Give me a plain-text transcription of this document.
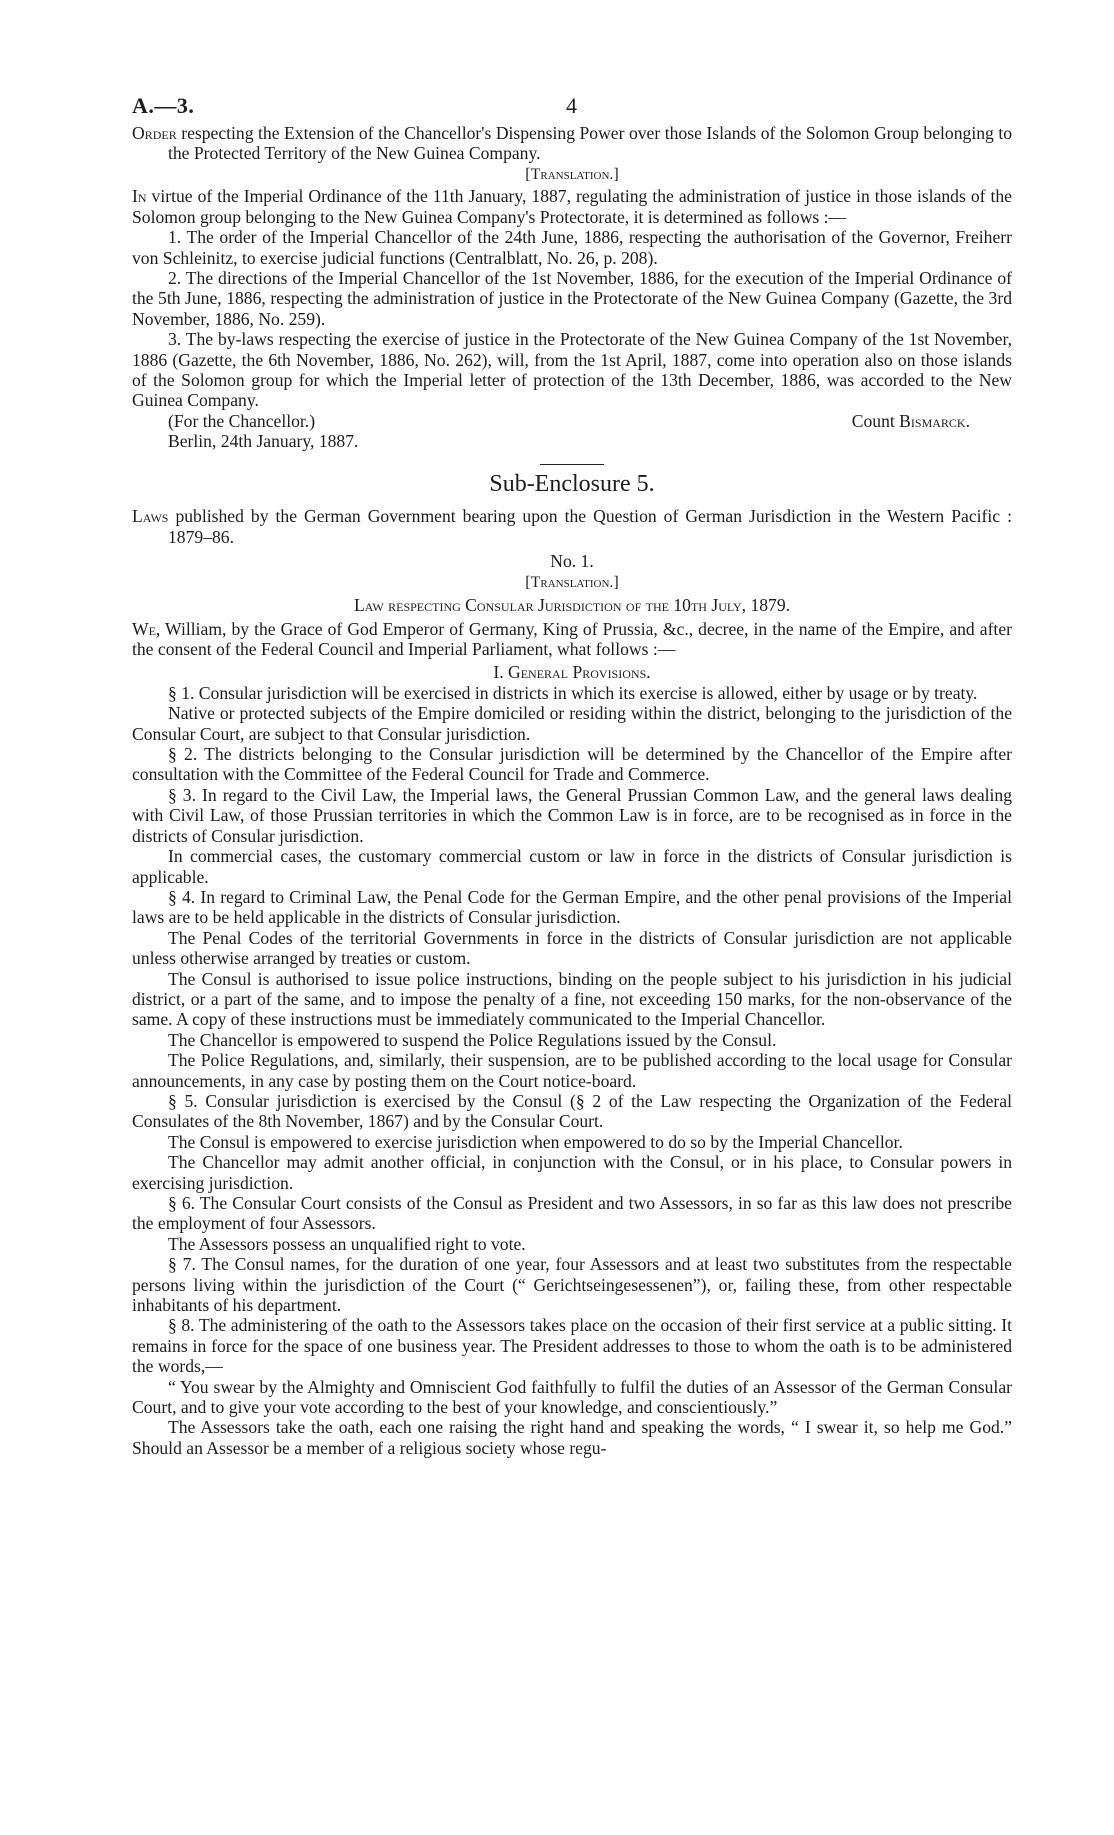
A.—3.	4

Order respecting the Extension of the Chancellor's Dispensing Power over those Islands of the Solomon Group belonging to the Protected Territory of the New Guinea Company.

[Translation.]

In virtue of the Imperial Ordinance of the 11th January, 1887, regulating the administration of justice in those islands of the Solomon group belonging to the New Guinea Company's Protectorate, it is determined as follows :—

1. The order of the Imperial Chancellor of the 24th June, 1886, respecting the authorisation of the Governor, Freiherr von Schleinitz, to exercise judicial functions (Centralblatt, No. 26, p. 208).

2. The directions of the Imperial Chancellor of the 1st November, 1886, for the execution of the Imperial Ordinance of the 5th June, 1886, respecting the administration of justice in the Protectorate of the New Guinea Company (Gazette, the 3rd November, 1886, No. 259).

3. The by-laws respecting the exercise of justice in the Protectorate of the New Guinea Company of the 1st November, 1886 (Gazette, the 6th November, 1886, No. 262), will, from the 1st April, 1887, come into operation also on those islands of the Solomon group for which the Imperial letter of protection of the 13th December, 1886, was accorded to the New Guinea Company.

(For the Chancellor.)	Count Bismarck.

Berlin, 24th January, 1887.

Sub-Enclosure 5.

Laws published by the German Government bearing upon the Question of German Jurisdiction in the Western Pacific : 1879–86.

No. 1.

[Translation.]

Law respecting Consular Jurisdiction of the 10th July, 1879.

We, William, by the Grace of God Emperor of Germany, King of Prussia, &c., decree, in the name of the Empire, and after the consent of the Federal Council and Imperial Parliament, what follows :—

I. General Provisions.

§ 1. Consular jurisdiction will be exercised in districts in which its exercise is allowed, either by usage or by treaty.

Native or protected subjects of the Empire domiciled or residing within the district, belonging to the jurisdiction of the Consular Court, are subject to that Consular jurisdiction.

§ 2. The districts belonging to the Consular jurisdiction will be determined by the Chancellor of the Empire after consultation with the Committee of the Federal Council for Trade and Commerce.

§ 3. In regard to the Civil Law, the Imperial laws, the General Prussian Common Law, and the general laws dealing with Civil Law, of those Prussian territories in which the Common Law is in force, are to be recognised as in force in the districts of Consular jurisdiction.

In commercial cases, the customary commercial custom or law in force in the districts of Consular jurisdiction is applicable.

§ 4. In regard to Criminal Law, the Penal Code for the German Empire, and the other penal provisions of the Imperial laws are to be held applicable in the districts of Consular jurisdiction.

The Penal Codes of the territorial Governments in force in the districts of Consular jurisdiction are not applicable unless otherwise arranged by treaties or custom.

The Consul is authorised to issue police instructions, binding on the people subject to his jurisdiction in his judicial district, or a part of the same, and to impose the penalty of a fine, not exceeding 150 marks, for the non-observance of the same. A copy of these instructions must be immediately communicated to the Imperial Chancellor.

The Chancellor is empowered to suspend the Police Regulations issued by the Consul.

The Police Regulations, and, similarly, their suspension, are to be published according to the local usage for Consular announcements, in any case by posting them on the Court notice-board.

§ 5. Consular jurisdiction is exercised by the Consul (§ 2 of the Law respecting the Organization of the Federal Consulates of the 8th November, 1867) and by the Consular Court.

The Consul is empowered to exercise jurisdiction when empowered to do so by the Imperial Chancellor.

The Chancellor may admit another official, in conjunction with the Consul, or in his place, to Consular powers in exercising jurisdiction.

§ 6. The Consular Court consists of the Consul as President and two Assessors, in so far as this law does not prescribe the employment of four Assessors.

The Assessors possess an unqualified right to vote.

§ 7. The Consul names, for the duration of one year, four Assessors and at least two substitutes from the respectable persons living within the jurisdiction of the Court (“ Gerichtseingesessenen”), or, failing these, from other respectable inhabitants of his department.

§ 8. The administering of the oath to the Assessors takes place on the occasion of their first service at a public sitting. It remains in force for the space of one business year. The President addresses to those to whom the oath is to be administered the words,—

“ You swear by the Almighty and Omniscient God faithfully to fulfil the duties of an Assessor of the German Consular Court, and to give your vote according to the best of your knowledge, and conscientiously.”

The Assessors take the oath, each one raising the right hand and speaking the words, “ I swear it, so help me God.” Should an Assessor be a member of a religious society whose regu-
